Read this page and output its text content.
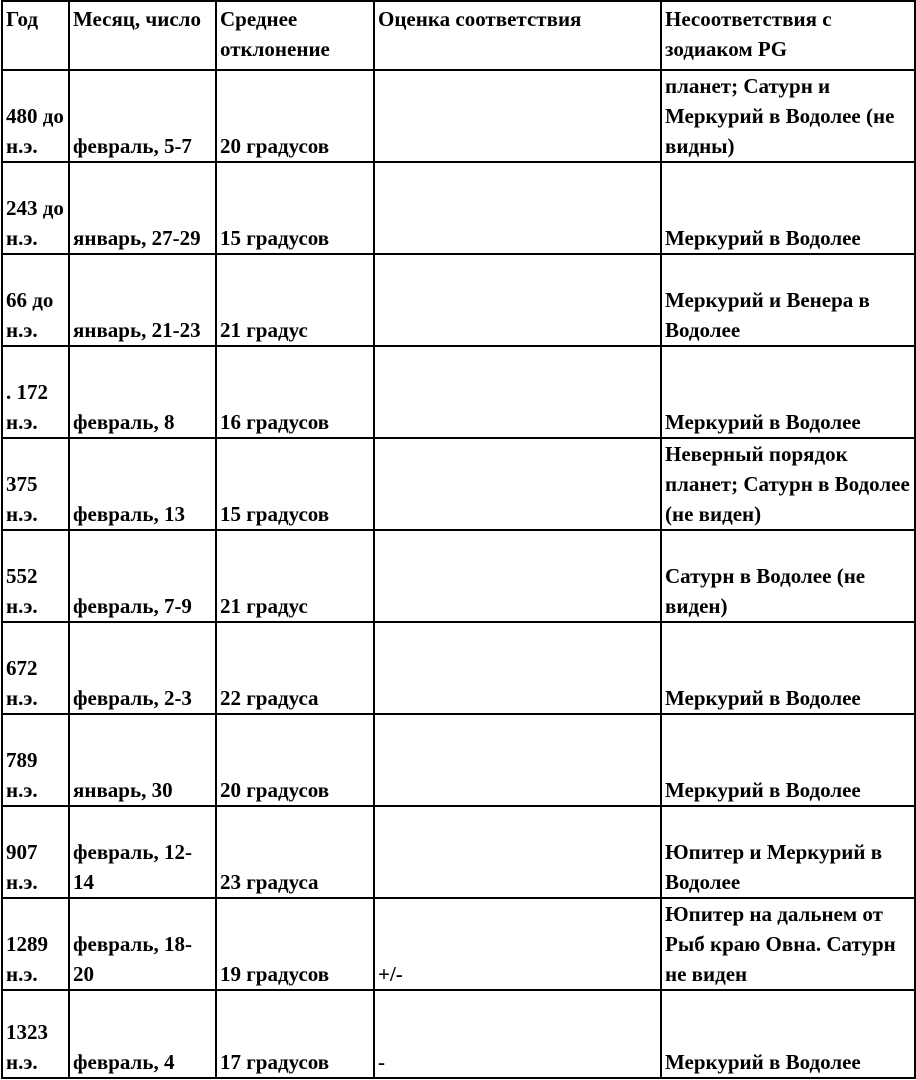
Год	Месяц, число	Среднее отклонение	Оценка соответствия	Несоответствия с зодиаком PG
480 до н.э.	февраль, 5-7	20 градусов		планет; Сатурн и Меркурий в Водолее (не видны)
243 до н.э.	январь, 27-29	15 градусов		Меркурий в Водолее
66 до н.э.	январь, 21-23	21 градус		Меркурий и Венера в Водолее
. 172 н.э.	февраль, 8	16 градусов		Меркурий в Водолее
375 н.э.	февраль, 13	15 градусов		Неверный порядок планет; Сатурн в Водолее (не виден)
552 н.э.	февраль, 7-9	21 градус		Сатурн в Водолее (не виден)
672 н.э.	февраль, 2-3	22 градуса		Меркурий в Водолее
789 н.э.	январь, 30	20 градусов		Меркурий в Водолее
907 н.э.	февраль, 12-14	23 градуса		Юпитер и Меркурий в Водолее
1289 н.э.	февраль, 18-20	19 градусов	+/-	Юпитер на дальнем от Рыб краю Овна. Сатурн не виден
1323 н.э.	февраль, 4	17 градусов	-	Меркурий в Водолее
